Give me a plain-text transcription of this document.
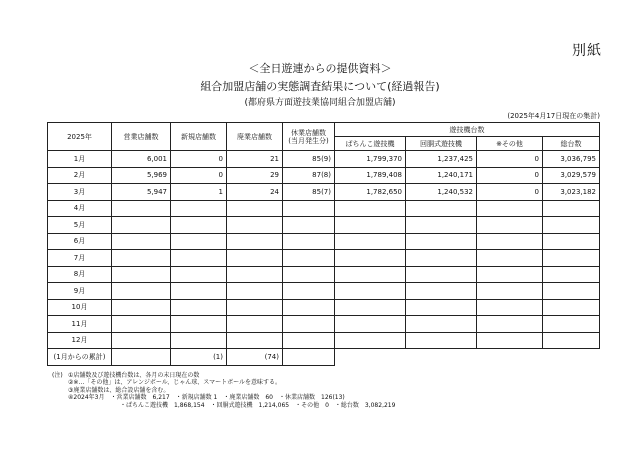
別紙
＜全日遊連からの提供資料＞
組合加盟店舗の実態調査結果について(経過報告)
(都府県方面遊技業協同組合加盟店舗)
(2025年4月17日現在の集計)
2025年	営業店舗数	新規店舗数	廃業店舗数	休業店舗数
(当月発生分)	遊技機台数			
					ぱちんこ遊技機	回胴式遊技機	※その他	総台数
1月	6,001	0	21	85(9)	1,799,370	1,237,425	0	3,036,795
2月	5,969	0	29	87(8)	1,789,408	1,240,171	0	3,029,579
3月	5,947	1	24	85(7)	1,782,650	1,240,532	0	3,023,182
4月								
5月								
6月								
7月								
8月								
9月								
10月								
11月								
12月								
(1月からの累計)		(1)	(74)					
(注) ①店舗数及び遊技機台数は、各月の末日現在の数
②※…「その他」は、アレンジボール、じゃん球、スマートボールを意味する。
③廃業店舗数は、総合設店舗を含む。
④2024年3月　・営業店舗数　6,217　・新規店舗数 1　・廃業店舗数　60　・休業店舗数　126(13)
・ぱちんこ遊技機　1,868,154　・回胴式遊技機　1,214,065　・その他　0　・総台数　3,082,219
